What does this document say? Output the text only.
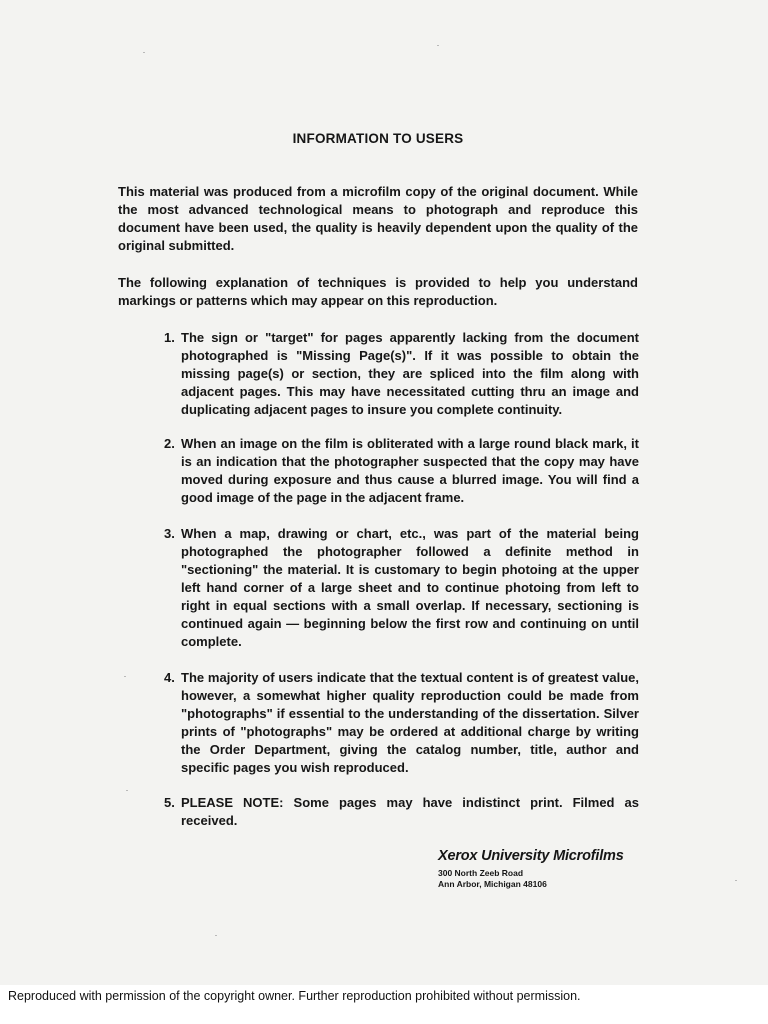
INFORMATION TO USERS

This material was produced from a microfilm copy of the original document. While the most advanced technological means to photograph and reproduce this document have been used, the quality is heavily dependent upon the quality of the original submitted.

The following explanation of techniques is provided to help you understand markings or patterns which may appear on this reproduction.

1. The sign or "target" for pages apparently lacking from the document photographed is "Missing Page(s)". If it was possible to obtain the missing page(s) or section, they are spliced into the film along with adjacent pages. This may have necessitated cutting thru an image and duplicating adjacent pages to insure you complete continuity.
2. When an image on the film is obliterated with a large round black mark, it is an indication that the photographer suspected that the copy may have moved during exposure and thus cause a blurred image. You will find a good image of the page in the adjacent frame.
3. When a map, drawing or chart, etc., was part of the material being photographed the photographer followed a definite method in "sectioning" the material. It is customary to begin photoing at the upper left hand corner of a large sheet and to continue photoing from left to right in equal sections with a small overlap. If necessary, sectioning is continued again — beginning below the first row and continuing on until complete.
4. The majority of users indicate that the textual content is of greatest value, however, a somewhat higher quality reproduction could be made from "photographs" if essential to the understanding of the dissertation. Silver prints of "photographs" may be ordered at additional charge by writing the Order Department, giving the catalog number, title, author and specific pages you wish reproduced.
5. PLEASE NOTE: Some pages may have indistinct print. Filmed as received.
Xerox University Microfilms
300 North Zeeb Road
Ann Arbor, Michigan 48106
Reproduced with permission of the copyright owner. Further reproduction prohibited without permission.
